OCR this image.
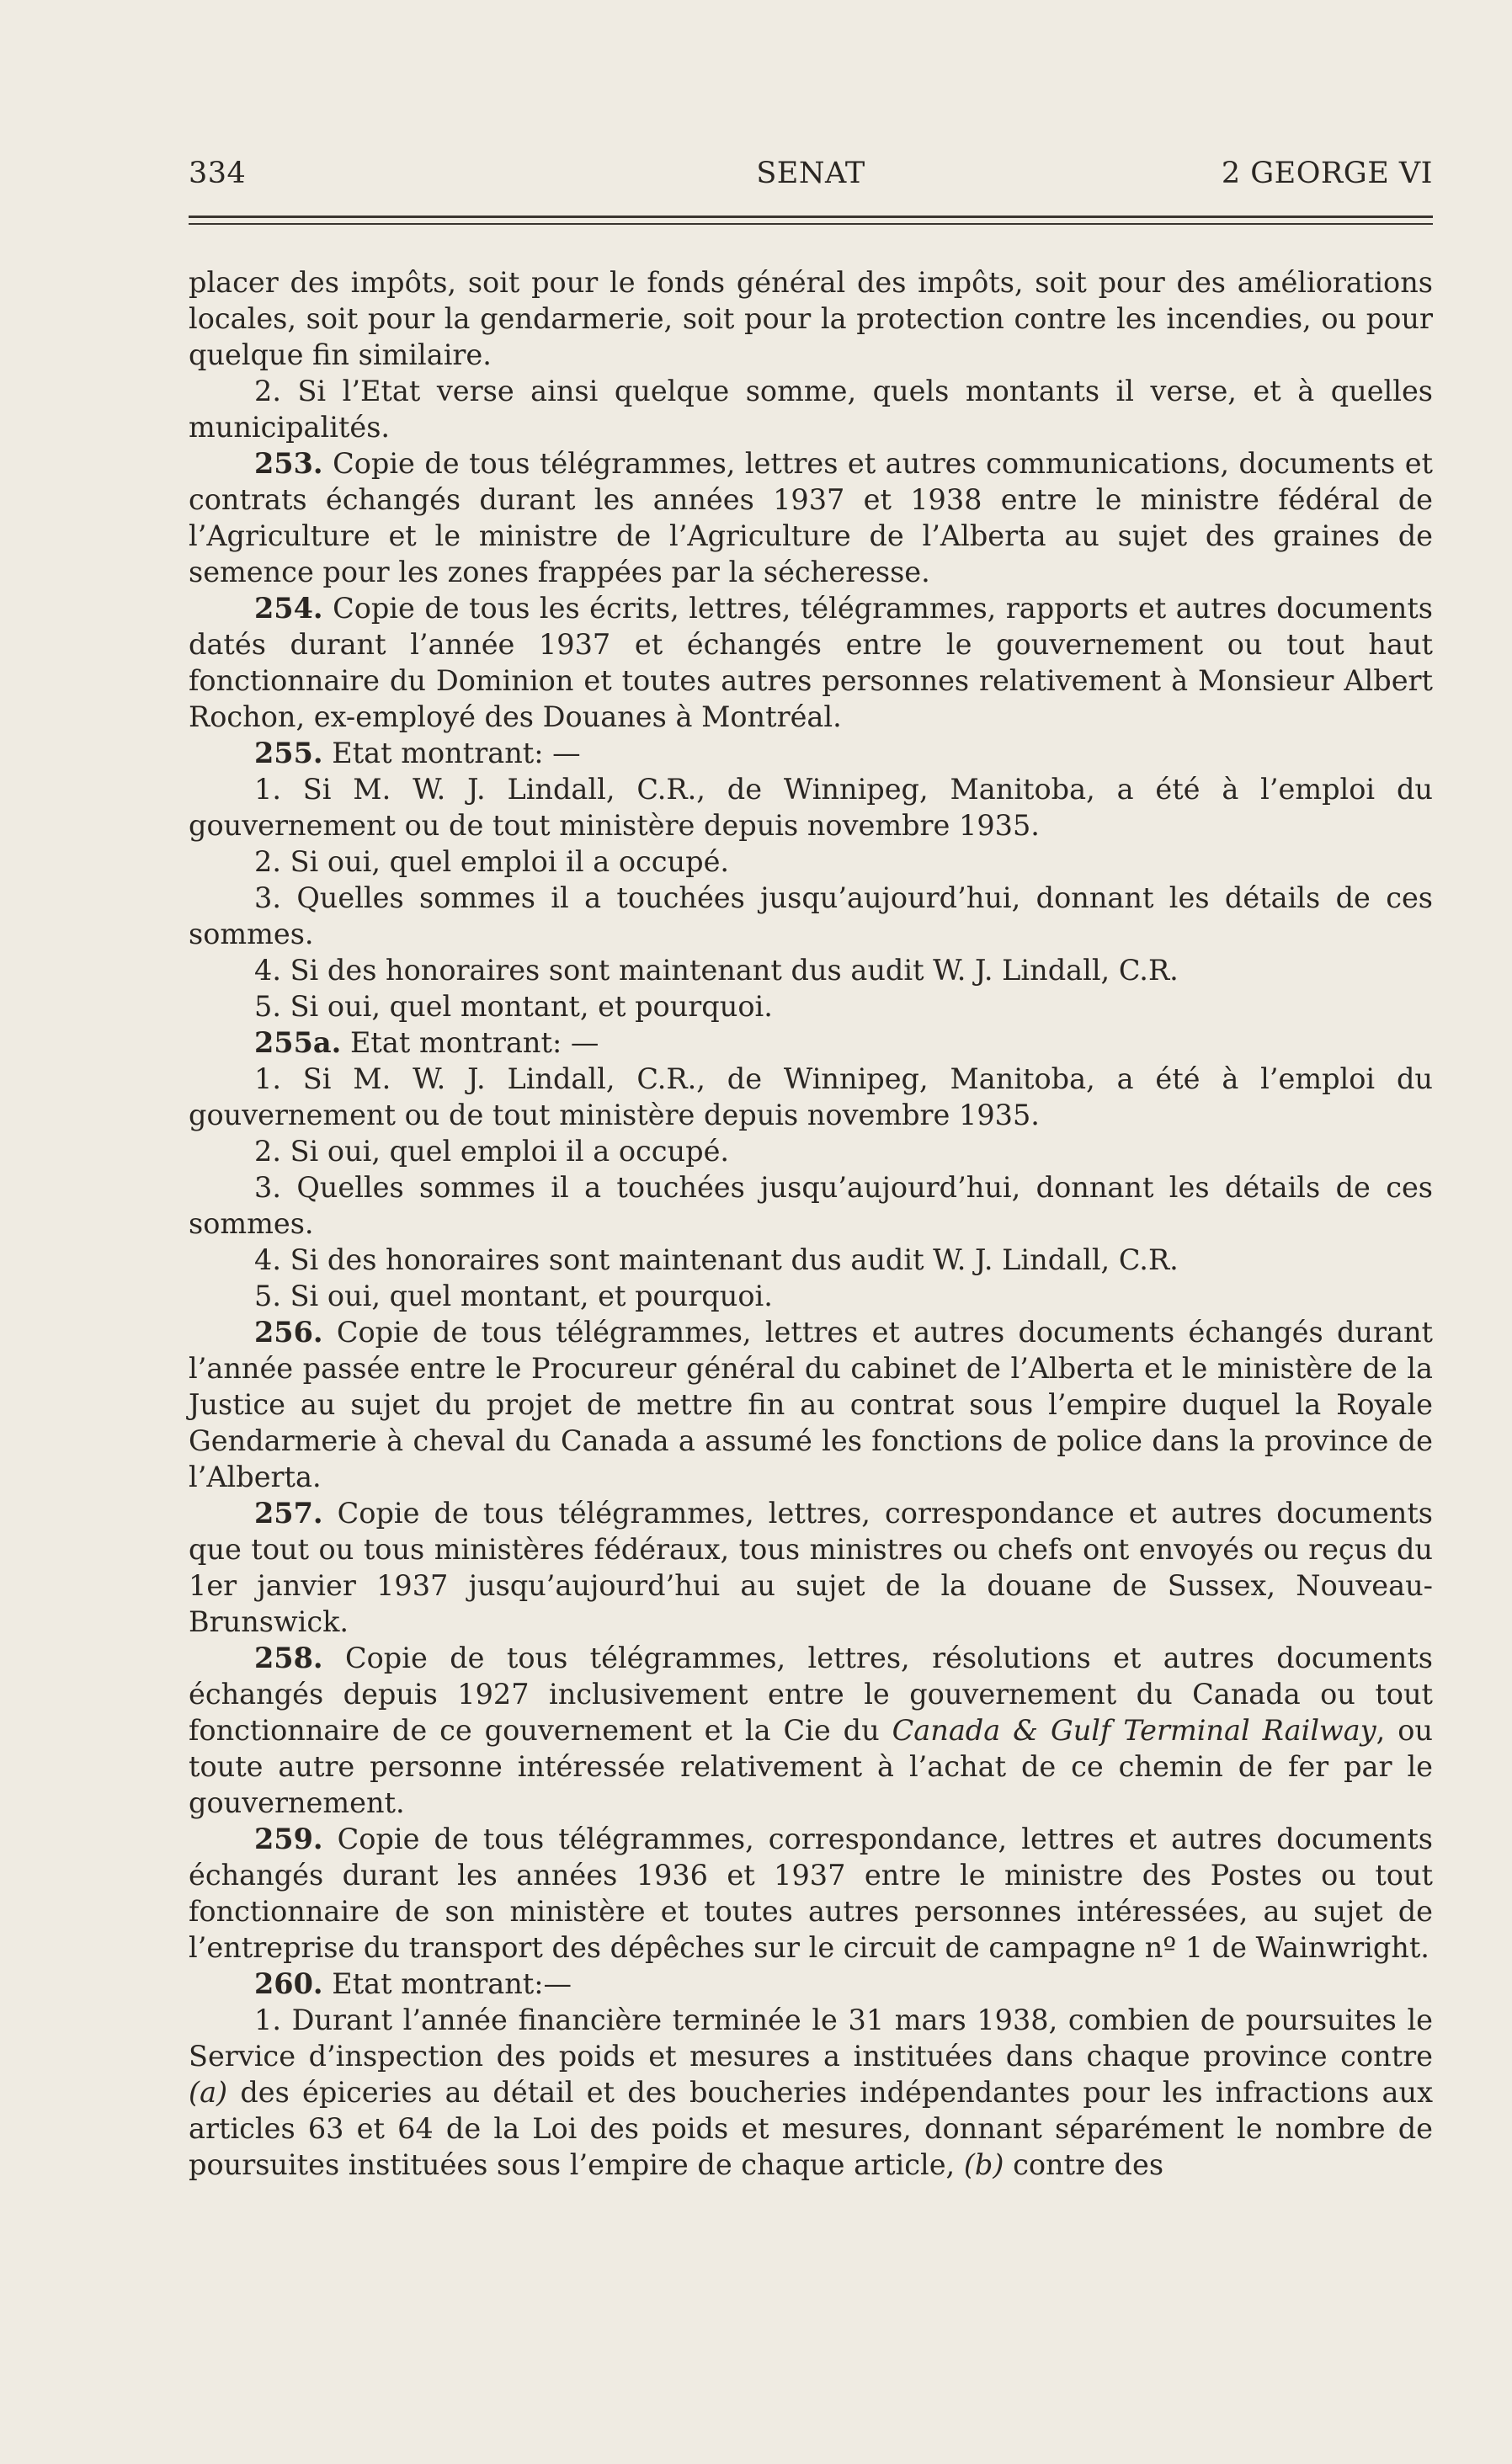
334	SENAT	2 GEORGE VI

placer des impôts, soit pour le fonds général des impôts, soit pour des améliorations locales, soit pour la gendarmerie, soit pour la protection contre les incendies, ou pour quelque fin similaire.

2. Si l’Etat verse ainsi quelque somme, quels montants il verse, et à quelles municipalités.

253. Copie de tous télégrammes, lettres et autres communications, documents et contrats échangés durant les années 1937 et 1938 entre le ministre fédéral de l’Agriculture et le ministre de l’Agriculture de l’Alberta au sujet des graines de semence pour les zones frappées par la sécheresse.

254. Copie de tous les écrits, lettres, télégrammes, rapports et autres documents datés durant l’année 1937 et échangés entre le gouvernement ou tout haut fonctionnaire du Dominion et toutes autres personnes relativement à Monsieur Albert Rochon, ex-employé des Douanes à Montréal.

255. Etat montrant: —

1. Si M. W. J. Lindall, C.R., de Winnipeg, Manitoba, a été à l’emploi du gouvernement ou de tout ministère depuis novembre 1935.

2. Si oui, quel emploi il a occupé.

3. Quelles sommes il a touchées jusqu’aujourd’hui, donnant les détails de ces sommes.

4. Si des honoraires sont maintenant dus audit W. J. Lindall, C.R.

5. Si oui, quel montant, et pourquoi.

255a. Etat montrant: —

1. Si M. W. J. Lindall, C.R., de Winnipeg, Manitoba, a été à l’emploi du gouvernement ou de tout ministère depuis novembre 1935.

2. Si oui, quel emploi il a occupé.

3. Quelles sommes il a touchées jusqu’aujourd’hui, donnant les détails de ces sommes.

4. Si des honoraires sont maintenant dus audit W. J. Lindall, C.R.

5. Si oui, quel montant, et pourquoi.

256. Copie de tous télégrammes, lettres et autres documents échangés durant l’année passée entre le Procureur général du cabinet de l’Alberta et le ministère de la Justice au sujet du projet de mettre fin au contrat sous l’empire duquel la Royale Gendarmerie à cheval du Canada a assumé les fonctions de police dans la province de l’Alberta.

257. Copie de tous télégrammes, lettres, correspondance et autres documents que tout ou tous ministères fédéraux, tous ministres ou chefs ont envoyés ou reçus du 1er janvier 1937 jusqu’aujourd’hui au sujet de la douane de Sussex, Nouveau-Brunswick.

258. Copie de tous télégrammes, lettres, résolutions et autres documents échangés depuis 1927 inclusivement entre le gouvernement du Canada ou tout fonctionnaire de ce gouvernement et la Cie du Canada & Gulf Terminal Railway, ou toute autre personne intéressée relativement à l’achat de ce chemin de fer par le gouvernement.

259. Copie de tous télégrammes, correspondance, lettres et autres documents échangés durant les années 1936 et 1937 entre le ministre des Postes ou tout fonctionnaire de son ministère et toutes autres personnes intéressées, au sujet de l’entreprise du transport des dépêches sur le circuit de campagne nº 1 de Wainwright.

260. Etat montrant:—

1. Durant l’année financière terminée le 31 mars 1938, combien de poursuites le Service d’inspection des poids et mesures a instituées dans chaque province contre (a) des épiceries au détail et des boucheries indépendantes pour les infractions aux articles 63 et 64 de la Loi des poids et mesures, donnant séparément le nombre de poursuites instituées sous l’empire de chaque article, (b) contre des
